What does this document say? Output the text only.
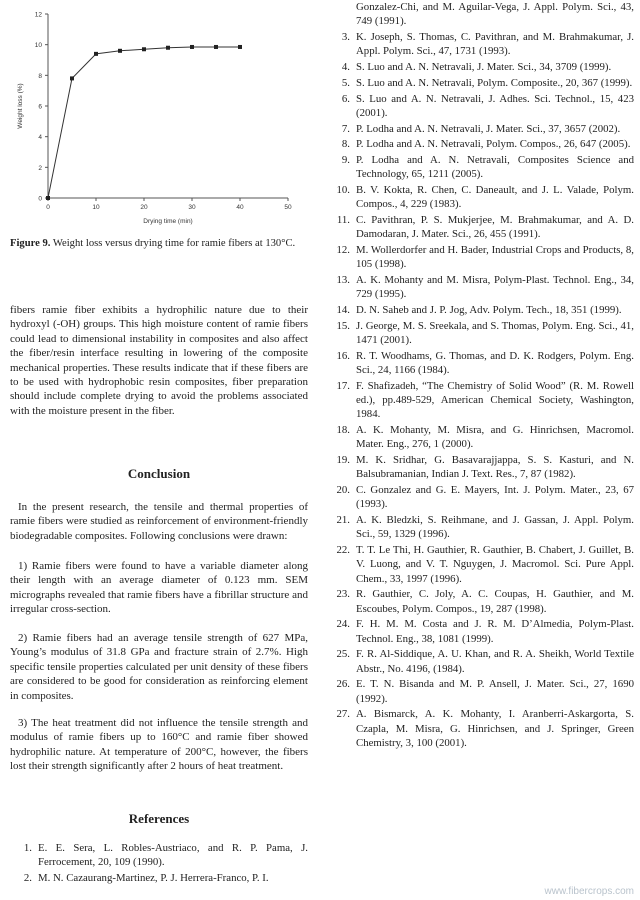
0
2
4
6
8
10
12
0	10	20	30	40	50
Drying time (min)
Weight loss (%)
Figure 9. Weight loss versus drying time for ramie fibers at 130°C.

fibers ramie fiber exhibits a hydrophilic nature due to their hydroxyl (-OH) groups. This high moisture content of ramie fibers could lead to dimensional instability in composites and also affect the fiber/resin interface resulting in lowering of the composite mechanical properties. These results indicate that if these fibers are to be used with hydrophobic resin composites, fiber preparation should include complete drying to avoid the problems associated with the moisture present in the fiber.

Conclusion

In the present research, the tensile and thermal properties of ramie fibers were studied as reinforcement of environment-friendly biodegradable composites. Following conclusions were drawn:

1) Ramie fibers were found to have a variable diameter along their length with an average diameter of 0.123 mm. SEM micrographs revealed that ramie fibers have a fibrillar structure and irregular cross-section.

2) Ramie fibers had an average tensile strength of 627 MPa, Young’s modulus of 31.8 GPa and fracture strain of 2.7%. High specific tensile properties calculated per unit density of these fibers are considered to be good for consideration as reinforcing element in composites.

3) The heat treatment did not influence the tensile strength and modulus of ramie fibers up to 160°C and ramie fiber showed hydrophilic nature. At temperature of 200°C, however, the fibers lost their strength significantly after 2 hours of heat treatment.

References
1. E. E. Sera, L. Robles-Austriaco, and R. P. Pama, J. Ferrocement, 20, 109 (1990).
2. M. N. Cazaurang-Martinez, P. J. Herrera-Franco, P. I.
Gonzalez-Chi, and M. Aguilar-Vega, J. Appl. Polym. Sci., 43, 749 (1991).
3. K. Joseph, S. Thomas, C. Pavithran, and M. Brahmakumar, J. Appl. Polym. Sci., 47, 1731 (1993).
4. S. Luo and A. N. Netravali, J. Mater. Sci., 34, 3709 (1999).
5. S. Luo and A. N. Netravali, Polym. Composite., 20, 367 (1999).
6. S. Luo and A. N. Netravali, J. Adhes. Sci. Technol., 15, 423 (2001).
7. P. Lodha and A. N. Netravali, J. Mater. Sci., 37, 3657 (2002).
8. P. Lodha and A. N. Netravali, Polym. Compos., 26, 647 (2005).
9. P. Lodha and A. N. Netravali, Composites Science and Technology, 65, 1211 (2005).
10. B. V. Kokta, R. Chen, C. Daneault, and J. L. Valade, Polym. Compos., 4, 229 (1983).
11. C. Pavithran, P. S. Mukjerjee, M. Brahmakumar, and A. D. Damodaran, J. Mater. Sci., 26, 455 (1991).
12. M. Wollerdorfer and H. Bader, Industrial Crops and Products, 8, 105 (1998).
13. A. K. Mohanty and M. Misra, Polym-Plast. Technol. Eng., 34, 729 (1995).
14. D. N. Saheb and J. P. Jog, Adv. Polym. Tech., 18, 351 (1999).
15. J. George, M. S. Sreekala, and S. Thomas, Polym. Eng. Sci., 41, 1471 (2001).
16. R. T. Woodhams, G. Thomas, and D. K. Rodgers, Polym. Eng. Sci., 24, 1166 (1984).
17. F. Shafizadeh, “The Chemistry of Solid Wood” (R. M. Rowell ed.), pp.489-529, American Chemical Society, Washington, 1984.
18. A. K. Mohanty, M. Misra, and G. Hinrichsen, Macromol. Mater. Eng., 276, 1 (2000).
19. M. K. Sridhar, G. Basavarajjappa, S. S. Kasturi, and N. Balsubramanian, Indian J. Text. Res., 7, 87 (1982).
20. C. Gonzalez and G. E. Mayers, Int. J. Polym. Mater., 23, 67 (1993).
21. A. K. Bledzki, S. Reihmane, and J. Gassan, J. Appl. Polym. Sci., 59, 1329 (1996).
22. T. T. Le Thi, H. Gauthier, R. Gauthier, B. Chabert, J. Guillet, B. V. Luong, and V. T. Nguygen, J. Macromol. Sci. Pure Appl. Chem., 33, 1997 (1996).
23. R. Gauthier, C. Joly, A. C. Coupas, H. Gauthier, and M. Escoubes, Polym. Compos., 19, 287 (1998).
24. F. H. M. M. Costa and J. R. M. D’Almedia, Polym-Plast. Technol. Eng., 38, 1081 (1999).
25. F. R. Al-Siddique, A. U. Khan, and R. A. Sheikh, World Textile Abstr., No. 4196, (1984).
26. E. T. N. Bisanda and M. P. Ansell, J. Mater. Sci., 27, 1690 (1992).
27. A. Bismarck, A. K. Mohanty, I. Aranberri-Askargorta, S. Czapla, M. Misra, G. Hinrichsen, and J. Springer, Green Chemistry, 3, 100 (2001).
www.fibercrops.com
